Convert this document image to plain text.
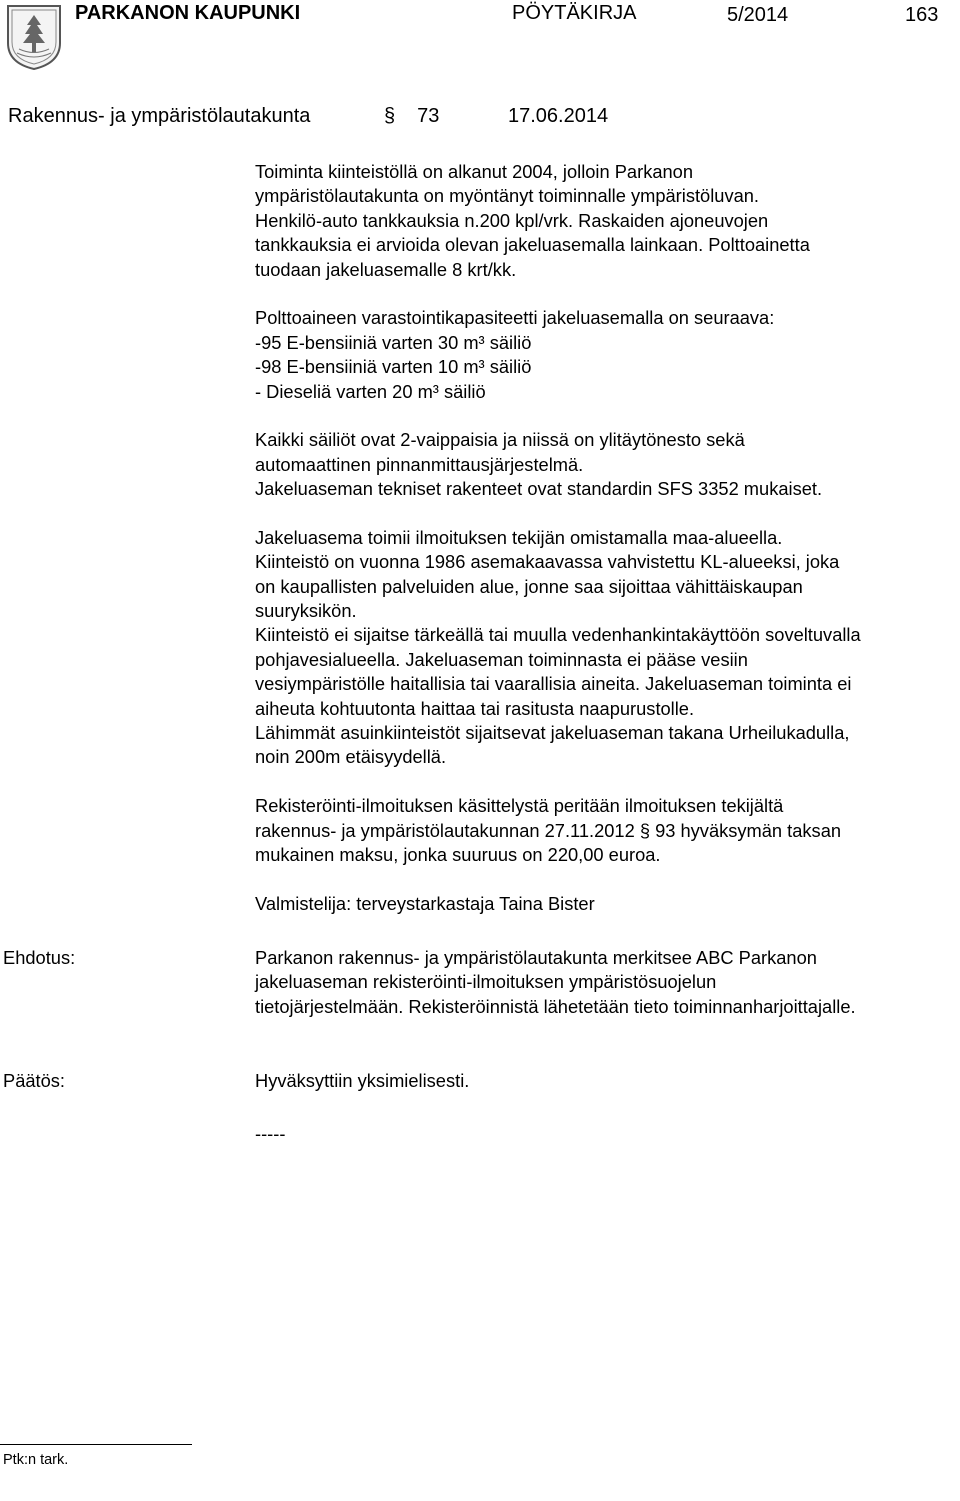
PARKANON KAUPUNKI	PÖYTÄKIRJA	5/2014	163
Rakennus- ja ympäristölautakunta	§ 73	17.06.2014
Toiminta kiinteistöllä on alkanut 2004, jolloin Parkanon
ympäristölautakunta on myöntänyt toiminnalle ympäristöluvan.
Henkilö-auto tankkauksia n.200 kpl/vrk. Raskaiden ajoneuvojen
tankkauksia ei arvioida olevan jakeluasemalla lainkaan. Polttoainetta
tuodaan jakeluasemalle 8 krt/kk.
Polttoaineen varastointikapasiteetti jakeluasemalla on seuraava:
-95 E-bensiiniä varten 30 m³ säiliö
-98 E-bensiiniä varten 10 m³ säiliö
- Dieseliä varten 20 m³ säiliö
Kaikki säiliöt ovat 2-vaippaisia ja niissä on ylitäytönesto sekä
automaattinen pinnanmittausjärjestelmä.
Jakeluaseman tekniset rakenteet ovat standardin SFS 3352 mukaiset.
Jakeluasema toimii ilmoituksen tekijän omistamalla maa-alueella.
Kiinteistö on vuonna 1986 asemakaavassa vahvistettu KL-alueeksi, joka
on kaupallisten palveluiden alue, jonne saa sijoittaa vähittäiskaupan
suuryksikön.
Kiinteistö ei sijaitse tärkeällä tai muulla vedenhankintakäyttöön soveltuvalla
pohjavesialueella. Jakeluaseman toiminnasta ei pääse vesiin
vesiympäristölle haitallisia tai vaarallisia aineita. Jakeluaseman toiminta ei
aiheuta kohtuutonta haittaa tai rasitusta naapurustolle.
Lähimmät asuinkiinteistöt sijaitsevat jakeluaseman takana Urheilukadulla,
noin 200m etäisyydellä.
Rekisteröinti-ilmoituksen käsittelystä peritään ilmoituksen tekijältä
rakennus- ja ympäristölautakunnan 27.11.2012 § 93 hyväksymän taksan
mukainen maksu, jonka suuruus on 220,00 euroa.
Valmistelija: terveystarkastaja Taina Bister
Ehdotus:	Parkanon rakennus- ja ympäristölautakunta merkitsee ABC Parkanon
jakeluaseman rekisteröinti-ilmoituksen ympäristösuojelun
tietojärjestelmään. Rekisteröinnistä lähetetään tieto toiminnanharjoittajalle.
Päätös:	Hyväksyttiin yksimielisesti.
-----
Ptk:n tark.
